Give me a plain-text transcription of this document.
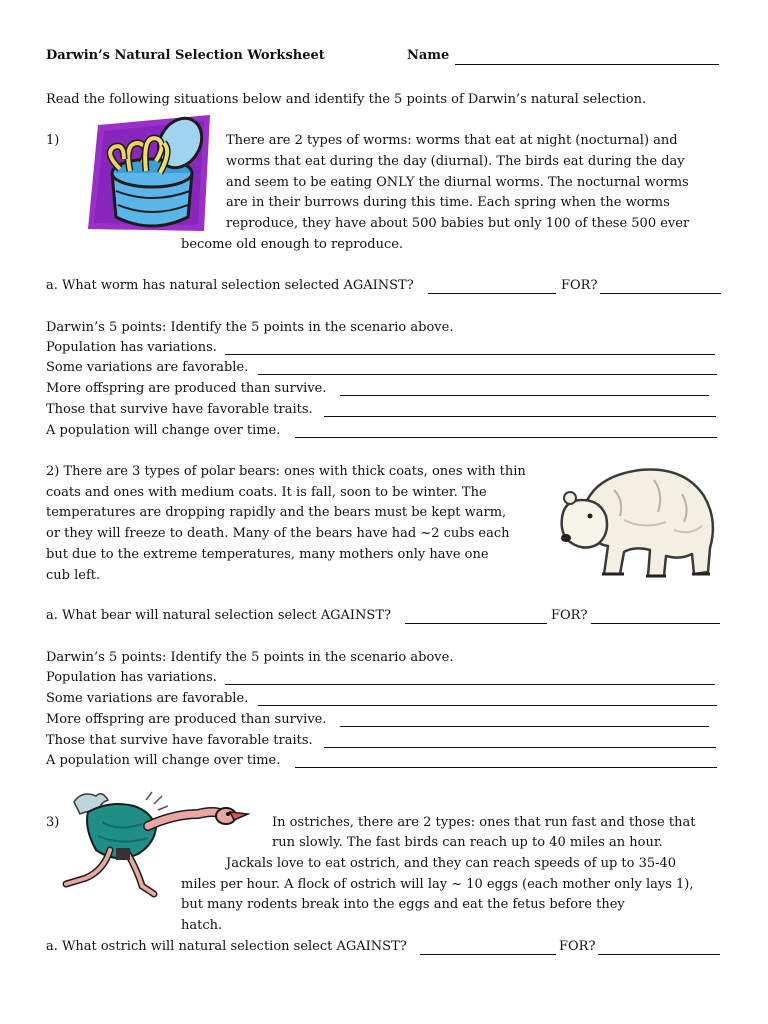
Darwin’s Natural Selection Worksheet	Name
Read the following situations below and identify the 5 points of Darwin’s natural selection.
1)	There are 2 types of worms: worms that eat at night (nocturnal) and
worms that eat during the day (diurnal). The birds eat during the day
and seem to be eating ONLY the diurnal worms. The nocturnal worms
are in their burrows during this time. Each spring when the worms
reproduce, they have about 500 babies but only 100 of these 500 ever
become old enough to reproduce.
a. What worm has natural selection selected AGAINST?	FOR?
Darwin’s 5 points: Identify the 5 points in the scenario above.
Population has variations.
Some variations are favorable.
More offspring are produced than survive.
Those that survive have favorable traits.
A population will change over time.
2) There are 3 types of polar bears: ones with thick coats, ones with thin
coats and ones with medium coats. It is fall, soon to be winter. The
temperatures are dropping rapidly and the bears must be kept warm,
or they will freeze to death. Many of the bears have had ~2 cubs each
but due to the extreme temperatures, many mothers only have one
cub left.
a. What bear will natural selection select AGAINST?	FOR?
Darwin’s 5 points: Identify the 5 points in the scenario above.
Population has variations.
Some variations are favorable.
More offspring are produced than survive.
Those that survive have favorable traits.
A population will change over time.
3)	In ostriches, there are 2 types: ones that run fast and those that
run slowly. The fast birds can reach up to 40 miles an hour.
Jackals love to eat ostrich, and they can reach speeds of up to 35-40
miles per hour. A flock of ostrich will lay ~ 10 eggs (each mother only lays 1),
but many rodents break into the eggs and eat the fetus before they
hatch.
a. What ostrich will natural selection select AGAINST?	FOR?
